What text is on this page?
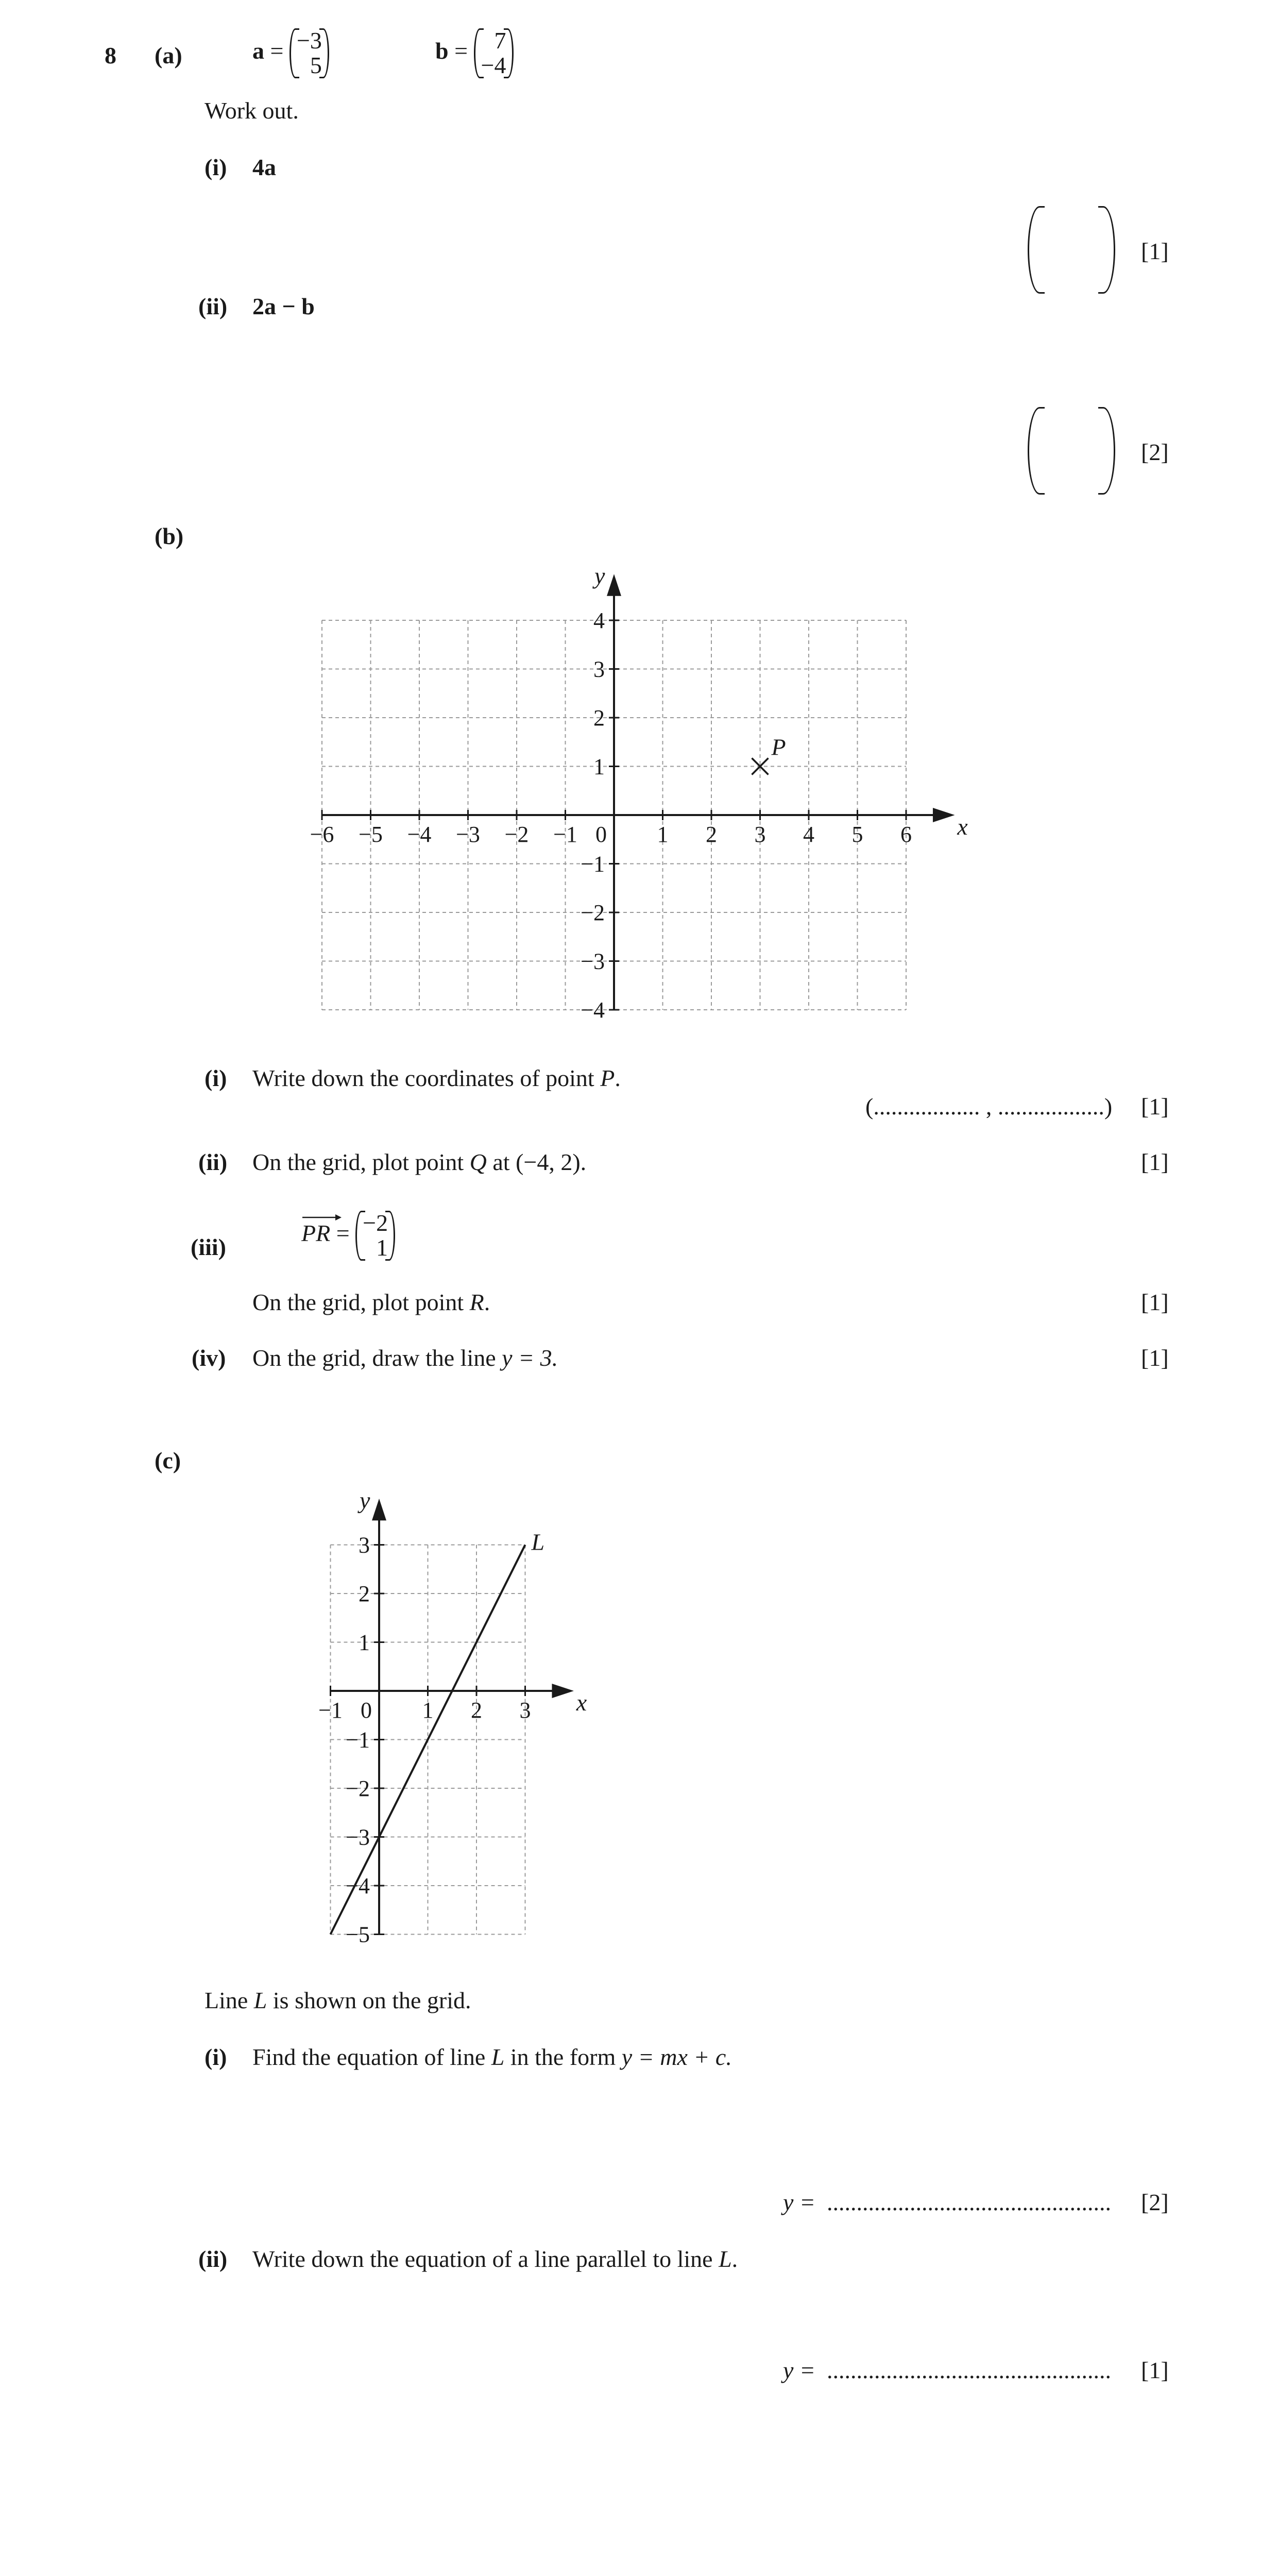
8 (a)	a = −3
5
b = 7
−4
Work out.
(i) 4a
[1]
(ii) 2a − b
[2]
(b)
−6 −5 −4 −3 −2 −1	1 2 3 4 5 6
4
3
2
1
−1
−2
−3
−4
0	x
y
P
(i) Write down the coordinates of point P.
(.................. , ..................) [1]
(ii) On the grid, plot point Q at (−4, 2).	[1]
(iii)
PR = −2
1
On the grid, plot point R.	[1]
(iv) On the grid, draw the line y = 3.	[1]
(c)
−1	1 2 3
3
2
1
−1
−2
−3
−4
−5
0	x
y
L
Line L is shown on the grid.
(i) Find the equation of line L in the form y = mx + c.
y = ................................................ [2]
(ii) Write down the equation of a line parallel to line L.
y = ................................................ [1]
